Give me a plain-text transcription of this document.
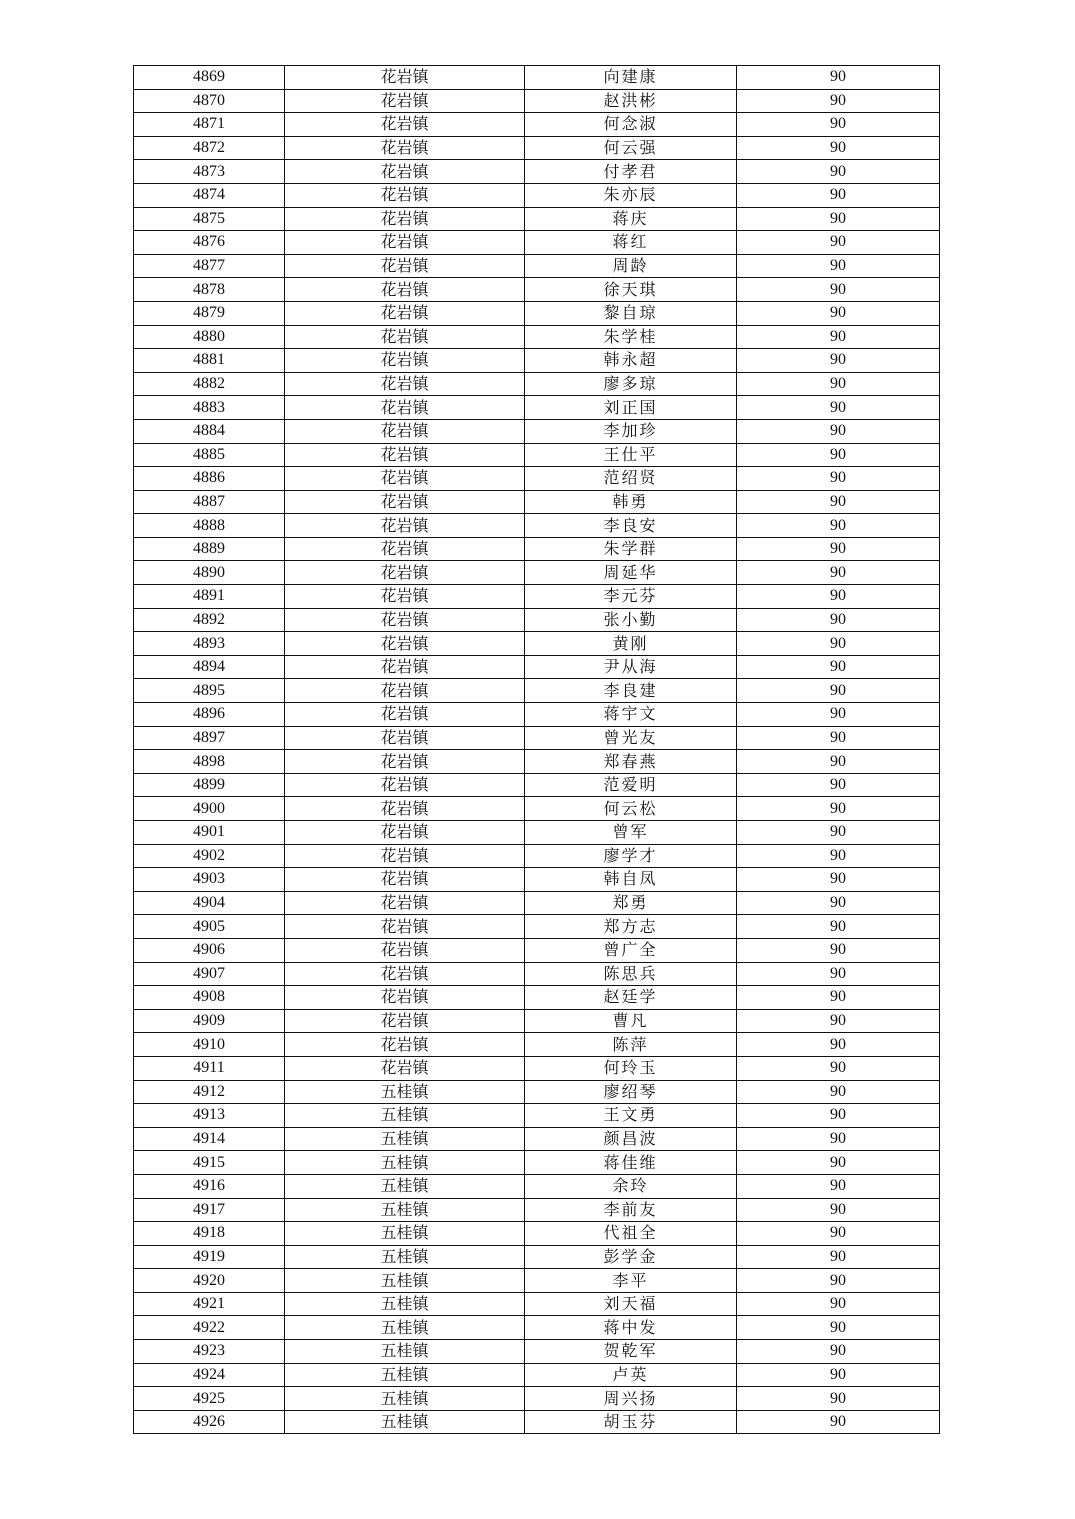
4869	花岩镇	向建康	90
4870	花岩镇	赵洪彬	90
4871	花岩镇	何念淑	90
4872	花岩镇	何云强	90
4873	花岩镇	付孝君	90
4874	花岩镇	朱亦辰	90
4875	花岩镇	蒋庆	90
4876	花岩镇	蒋红	90
4877	花岩镇	周龄	90
4878	花岩镇	徐天琪	90
4879	花岩镇	黎自琼	90
4880	花岩镇	朱学桂	90
4881	花岩镇	韩永超	90
4882	花岩镇	廖多琼	90
4883	花岩镇	刘正国	90
4884	花岩镇	李加珍	90
4885	花岩镇	王仕平	90
4886	花岩镇	范绍贤	90
4887	花岩镇	韩勇	90
4888	花岩镇	李良安	90
4889	花岩镇	朱学群	90
4890	花岩镇	周延华	90
4891	花岩镇	李元芬	90
4892	花岩镇	张小勤	90
4893	花岩镇	黄刚	90
4894	花岩镇	尹从海	90
4895	花岩镇	李良建	90
4896	花岩镇	蒋宇文	90
4897	花岩镇	曾光友	90
4898	花岩镇	郑春燕	90
4899	花岩镇	范爱明	90
4900	花岩镇	何云松	90
4901	花岩镇	曾军	90
4902	花岩镇	廖学才	90
4903	花岩镇	韩自凤	90
4904	花岩镇	郑勇	90
4905	花岩镇	郑方志	90
4906	花岩镇	曾广全	90
4907	花岩镇	陈思兵	90
4908	花岩镇	赵廷学	90
4909	花岩镇	曹凡	90
4910	花岩镇	陈萍	90
4911	花岩镇	何玲玉	90
4912	五桂镇	廖绍琴	90
4913	五桂镇	王文勇	90
4914	五桂镇	颜昌波	90
4915	五桂镇	蒋佳维	90
4916	五桂镇	余玲	90
4917	五桂镇	李前友	90
4918	五桂镇	代祖全	90
4919	五桂镇	彭学金	90
4920	五桂镇	李平	90
4921	五桂镇	刘天福	90
4922	五桂镇	蒋中发	90
4923	五桂镇	贺乾军	90
4924	五桂镇	卢英	90
4925	五桂镇	周兴扬	90
4926	五桂镇	胡玉芬	90
